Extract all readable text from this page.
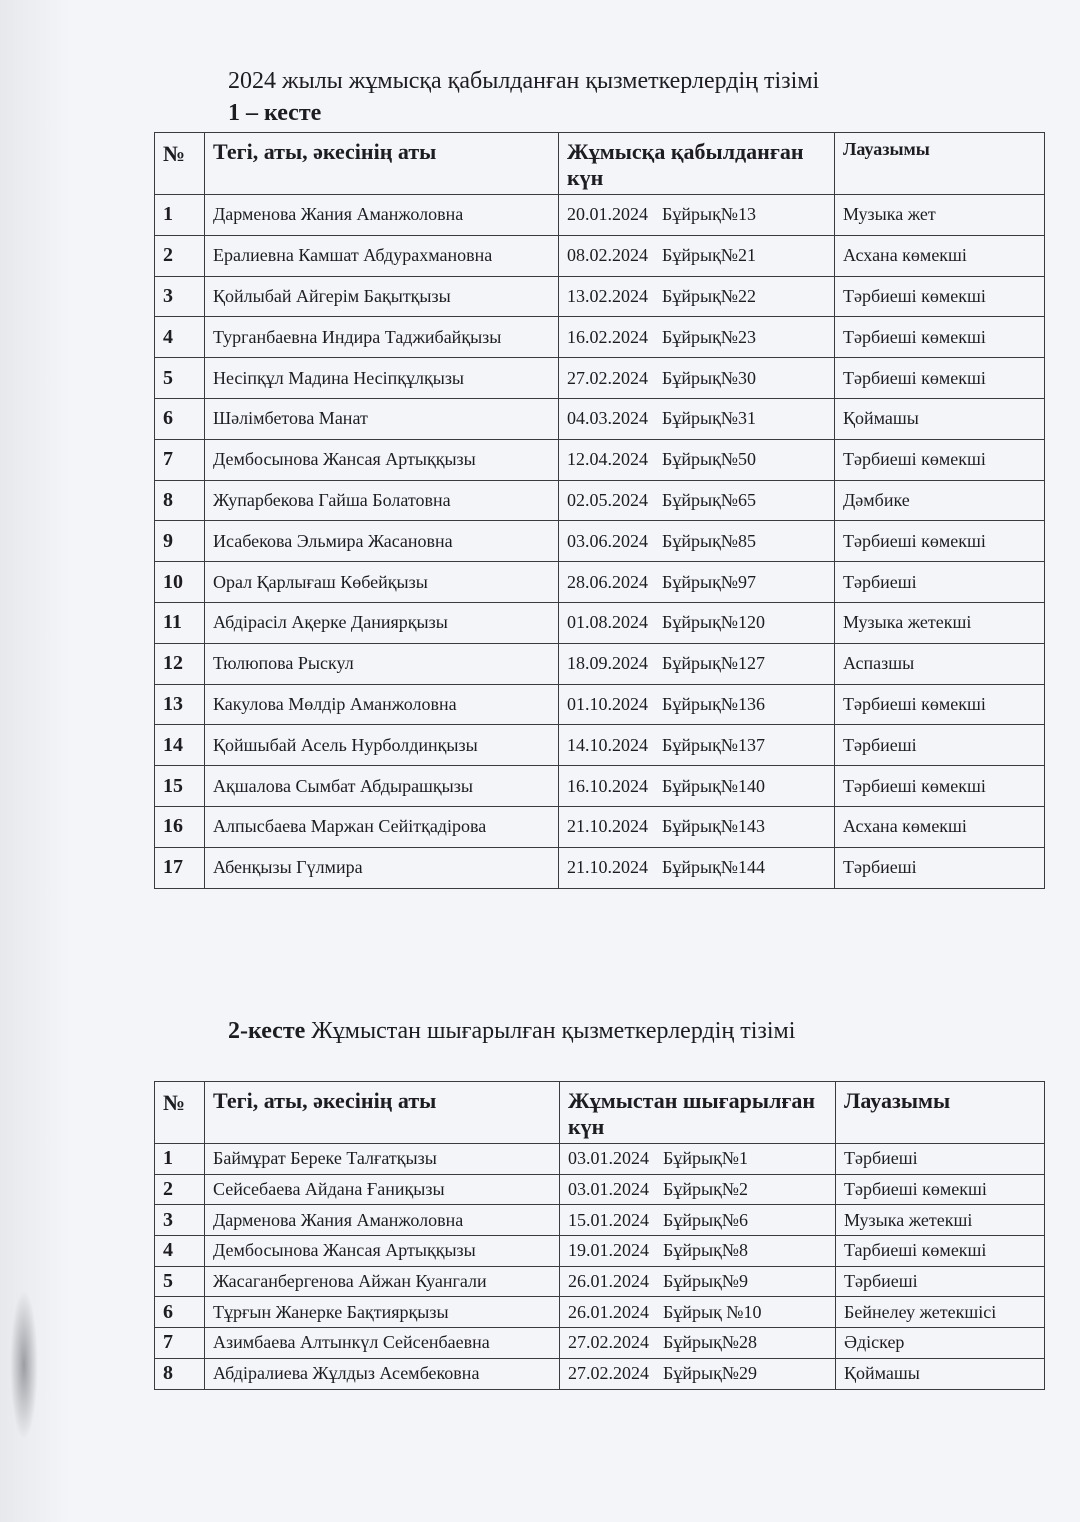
2024 жылы жұмысқа қабылданған қызметкерлердің тізімі
1 – кесте
№	Тегі, аты, әкесінің аты	Жұмысқа қабылданған күн	Лауазымы
1	Дарменова Жания Аманжоловна	20.01.2024 Бұйрық№13	Музыка жет
2	Ералиевна Камшат Абдурахмановна	08.02.2024 Бұйрық№21	Асхана көмекші
3	Қойлыбай Айгерім Бақытқызы	13.02.2024 Бұйрық№22	Тәрбиеші көмекші
4	Турганбаевна Индира Таджибайқызы	16.02.2024 Бұйрық№23	Тәрбиеші көмекші
5	Несіпқұл Мадина Несіпқұлқызы	27.02.2024 Бұйрық№30	Тәрбиеші көмекші
6	Шәлімбетова Манат	04.03.2024 Бұйрық№31	Қоймашы
7	Дембосынова Жансая Артыққызы	12.04.2024 Бұйрық№50	Тәрбиеші көмекші
8	Жупарбекова Гайша Болатовна	02.05.2024 Бұйрық№65	Дәмбике
9	Исабекова Эльмира Жасановна	03.06.2024 Бұйрық№85	Тәрбиеші көмекші
10	Орал Қарлығаш Көбейқызы	28.06.2024 Бұйрық№97	Тәрбиеші
11	Абдірасіл Ақерке Даниярқызы	01.08.2024 Бұйрық№120	Музыка жетекші
12	Тюлюпова Рыскул	18.09.2024 Бұйрық№127	Аспазшы
13	Какулова Мөлдір Аманжоловна	01.10.2024 Бұйрық№136	Тәрбиеші көмекші
14	Қойшыбай Асель Нурболдинқызы	14.10.2024 Бұйрық№137	Тәрбиеші
15	Ақшалова Сымбат Абдырашқызы	16.10.2024 Бұйрық№140	Тәрбиеші көмекші
16	Алпысбаева Маржан Сейітқадірова	21.10.2024 Бұйрық№143	Асхана көмекші
17	Абенқызы Гүлмира	21.10.2024 Бұйрық№144	Тәрбиеші
2-кесте Жұмыстан шығарылған қызметкерлердің тізімі
№	Тегі, аты, әкесінің аты	Жұмыстан шығарылған күн	Лауазымы
1	Баймұрат Береке Талғатқызы	03.01.2024 Бұйрық№1	Тәрбиеші
2	Сейсебаева Айдана Ғаниқызы	03.01.2024 Бұйрық№2	Тәрбиеші көмекші
3	Дарменова Жания Аманжоловна	15.01.2024 Бұйрық№6	Музыка жетекші
4	Дембосынова Жансая Артыққызы	19.01.2024 Бұйрық№8	Тарбиеші көмекші
5	Жасаганбергенова Айжан Куангали	26.01.2024 Бұйрық№9	Тәрбиеші
6	Тұрғын Жанерке Бақтиярқызы	26.01.2024 Бұйрық №10	Бейнелеу жетекшісі
7	Азимбаева Алтынкүл Сейсенбаевна	27.02.2024 Бұйрық№28	Әдіскер
8	Абдіралиева Жұлдыз Асембековна	27.02.2024 Бұйрық№29	Қоймашы
